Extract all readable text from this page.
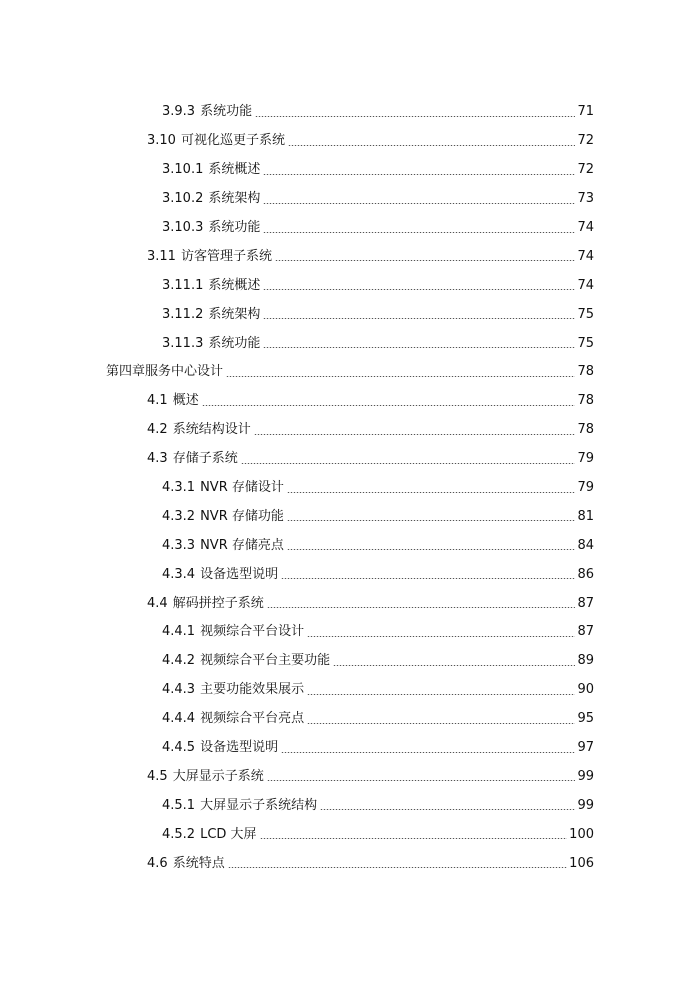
3.9.3 系统功能	71
3.10 可视化巡更子系统	72
3.10.1 系统概述	72
3.10.2 系统架构	73
3.10.3 系统功能	74
3.11 访客管理子系统	74
3.11.1 系统概述	74
3.11.2 系统架构	75
3.11.3 系统功能	75
第四章服务中心设计	78
4.1 概述	78
4.2 系统结构设计	78
4.3 存储子系统	79
4.3.1 NVR 存储设计	79
4.3.2 NVR 存储功能	81
4.3.3 NVR 存储亮点	84
4.3.4 设备选型说明	86
4.4 解码拼控子系统	87
4.4.1 视频综合平台设计	87
4.4.2 视频综合平台主要功能	89
4.4.3 主要功能效果展示	90
4.4.4 视频综合平台亮点	95
4.4.5 设备选型说明	97
4.5 大屏显示子系统	99
4.5.1 大屏显示子系统结构	99
4.5.2 LCD 大屏	100
4.6 系统特点	106
